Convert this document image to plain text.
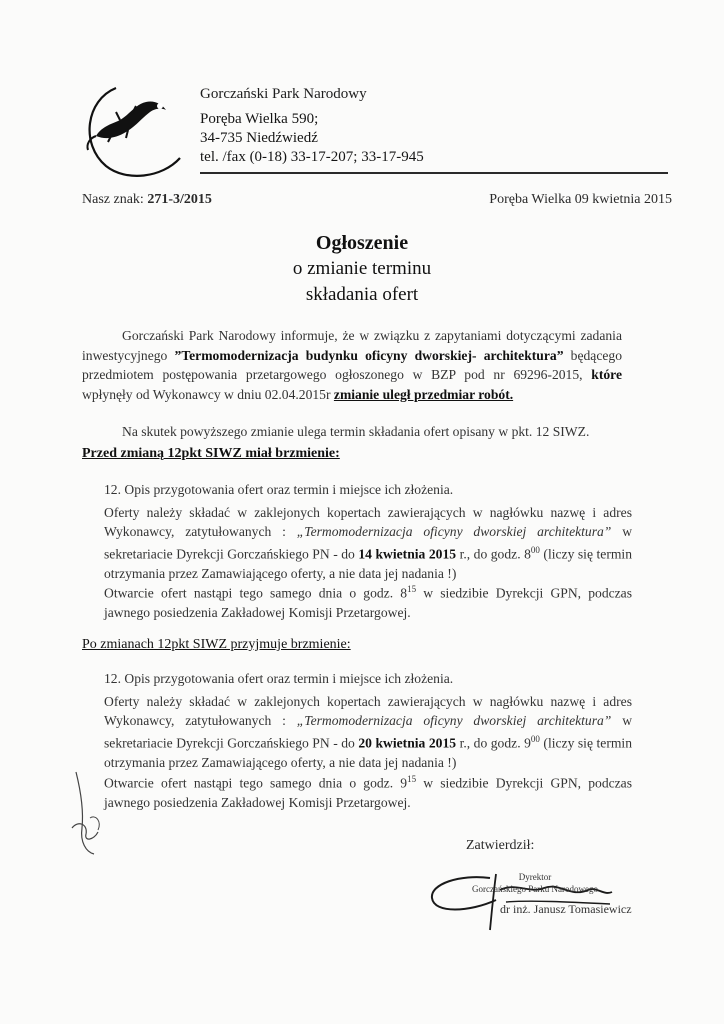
Gorczański Park Narodowy
Poręba Wielka 590;
34-735 Niedźwiedź
tel. /fax (0-18) 33-17-207; 33-17-945
Nasz znak: 271-3/2015	Poręba Wielka 09 kwietnia 2015
Ogłoszenie
o zmianie terminu
składania ofert
Gorczański Park Narodowy informuje, że w związku z zapytaniami dotyczącymi zadania inwestycyjnego ”Termomodernizacja budynku oficyny dworskiej- architektura” będącego przedmiotem postępowania przetargowego ogłoszonego w BZP pod nr 69296-2015, które wpłynęły od Wykonawcy w dniu 02.04.2015r zmianie uległ przedmiar robót.
Na skutek powyższego zmianie ulega termin składania ofert opisany w pkt. 12 SIWZ.
Przed zmianą 12pkt SIWZ miał brzmienie:
12. Opis przygotowania ofert oraz termin i miejsce ich złożenia.
Oferty należy składać w zaklejonych kopertach zawierających w nagłówku nazwę i adres Wykonawcy, zatytułowanych : „Termomodernizacja oficyny dworskiej architektura” w sekretariacie Dyrekcji Gorczańskiego PN - do 14 kwietnia 2015 r., do godz. $8^{00}$ (liczy się termin otrzymania przez Zamawiającego oferty, a nie data jej nadania !)
Otwarcie ofert nastąpi tego samego dnia o godz. $8^{15}$ w siedzibie Dyrekcji GPN, podczas jawnego posiedzenia Zakładowej Komisji Przetargowej.
Po zmianach 12pkt SIWZ przyjmuje brzmienie:
12. Opis przygotowania ofert oraz termin i miejsce ich złożenia.
Oferty należy składać w zaklejonych kopertach zawierających w nagłówku nazwę i adres Wykonawcy, zatytułowanych : „Termomodernizacja oficyny dworskiej architektura” w sekretariacie Dyrekcji Gorczańskiego PN - do 20 kwietnia 2015 r., do godz. $9^{00}$ (liczy się termin otrzymania przez Zamawiającego oferty, a nie data jej nadania !)
Otwarcie ofert nastąpi tego samego dnia o godz. $9^{15}$ w siedzibie Dyrekcji GPN, podczas jawnego posiedzenia Zakładowej Komisji Przetargowej.
Zatwierdził:
Dyrektor
Gorczańskiego Parku Narodowego
dr inż. Janusz Tomasiewicz
